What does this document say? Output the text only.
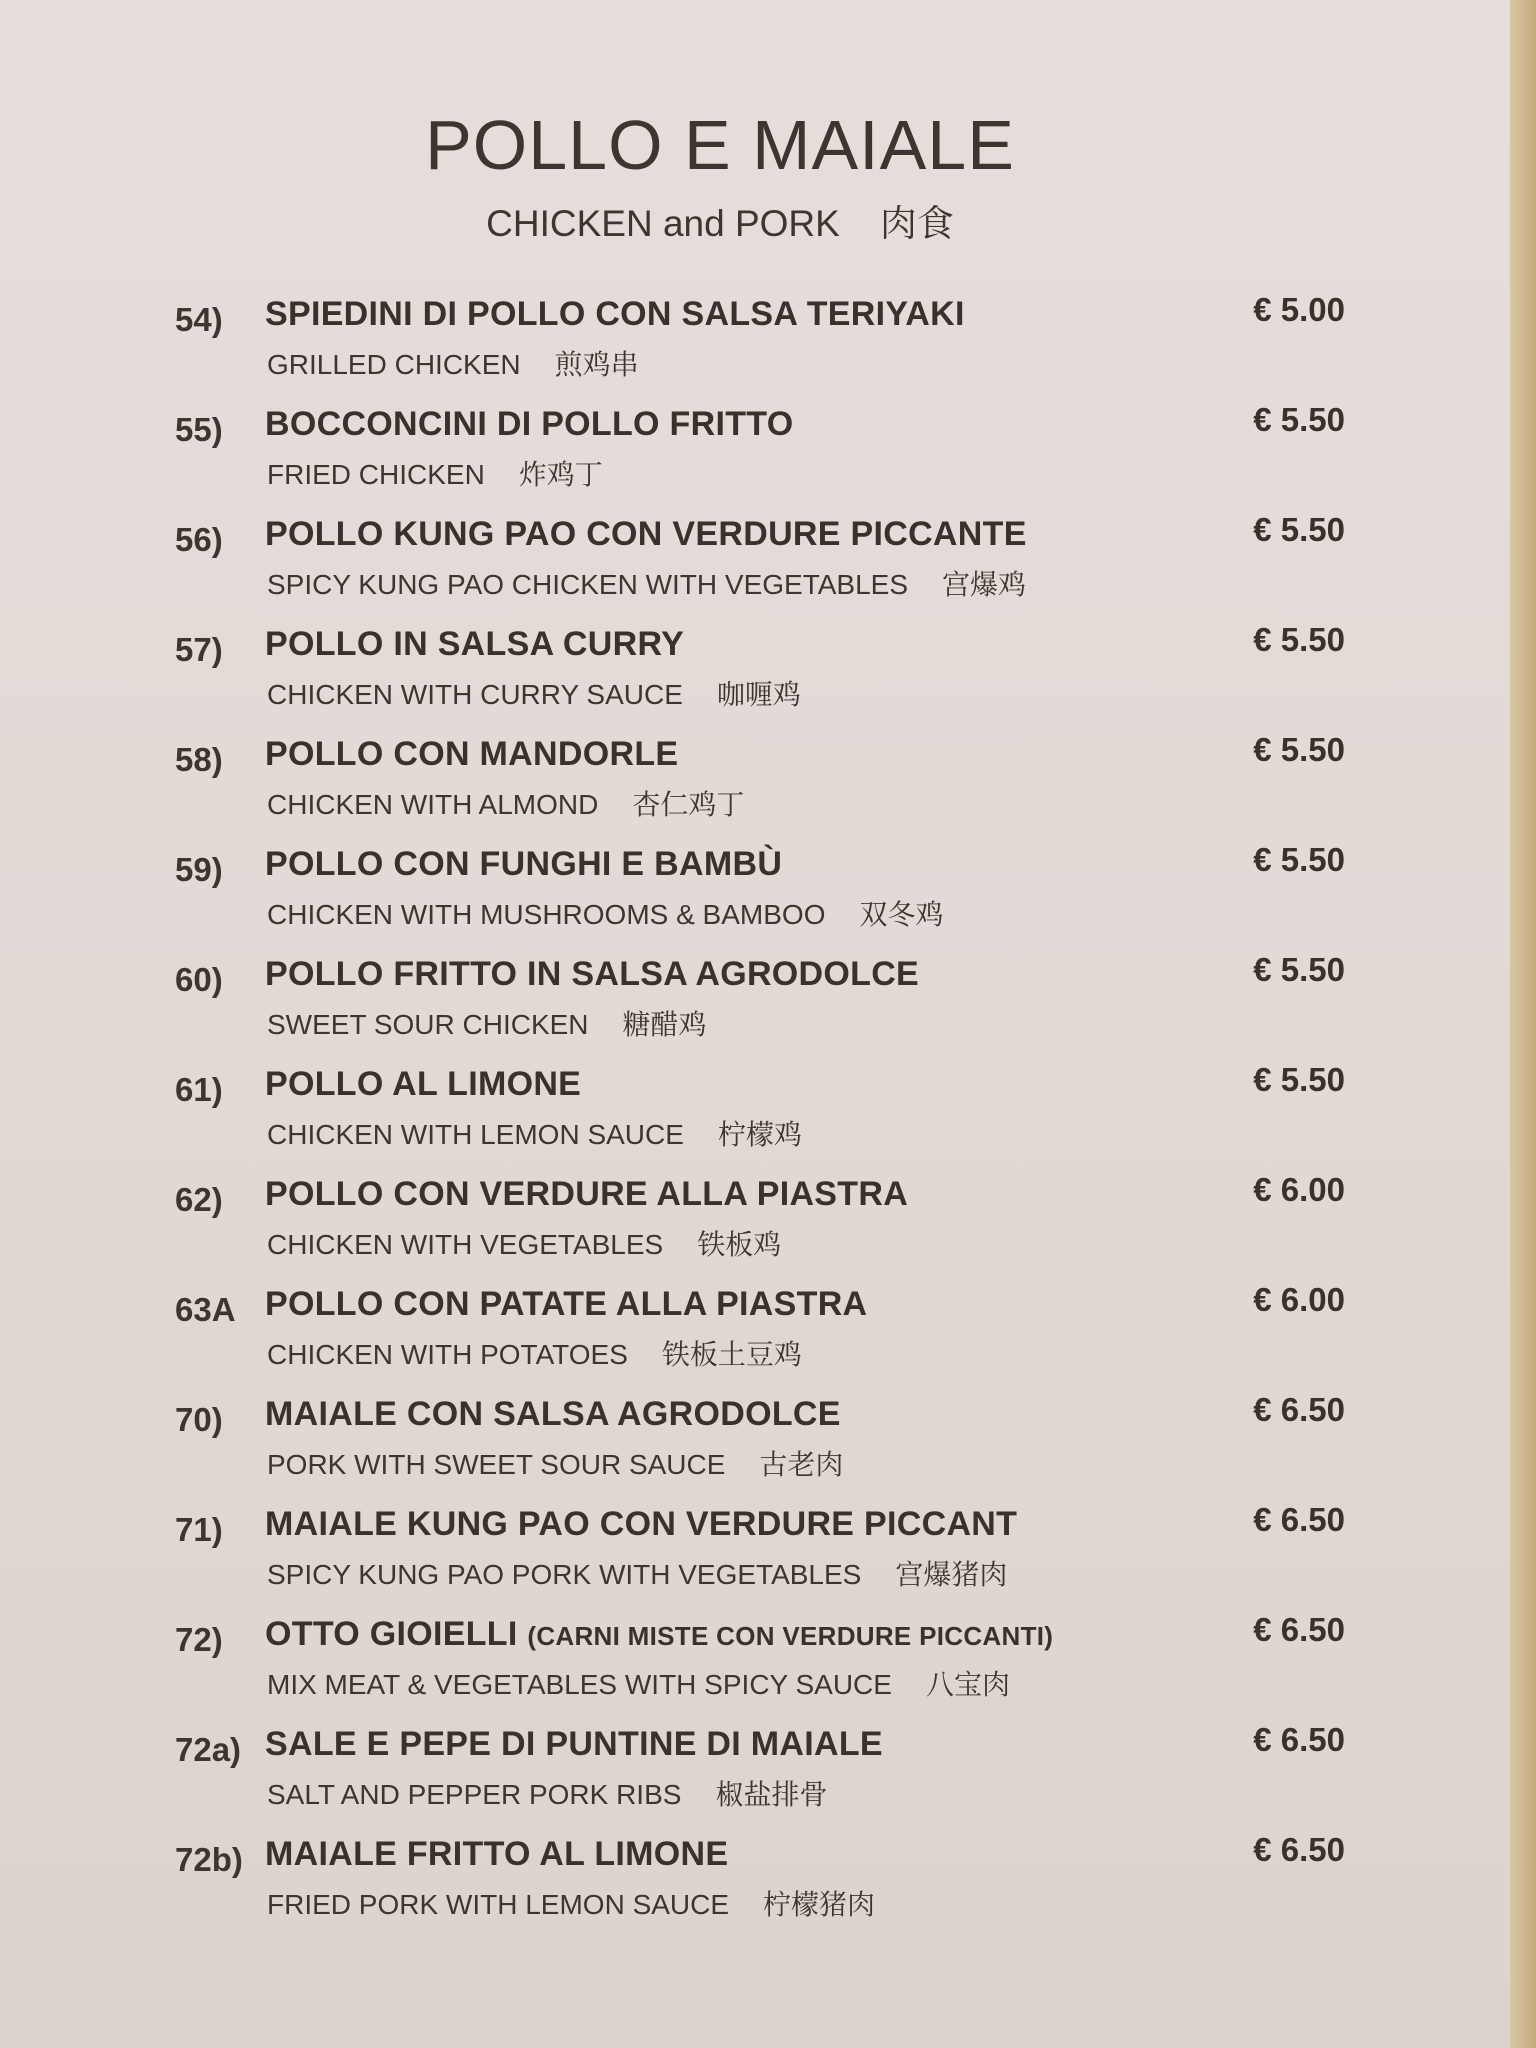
POLLO E MAIALE
CHICKEN and PORK 肉食
54) SPIEDINI DI POLLO CON SALSA TERIYAKI
GRILLED CHICKEN 煎鸡串
€ 5.00
55) BOCCONCINI DI POLLO FRITTO
FRIED CHICKEN 炸鸡丁
€ 5.50
56) POLLO KUNG PAO CON VERDURE PICCANTE
SPICY KUNG PAO CHICKEN WITH VEGETABLES 宫爆鸡
€ 5.50
57) POLLO IN SALSA CURRY
CHICKEN WITH CURRY SAUCE 咖喱鸡
€ 5.50
58) POLLO CON MANDORLE
CHICKEN WITH ALMOND 杏仁鸡丁
€ 5.50
59) POLLO CON FUNGHI E BAMBÙ
CHICKEN WITH MUSHROOMS & BAMBOO 双冬鸡
€ 5.50
60) POLLO FRITTO IN SALSA AGRODOLCE
SWEET SOUR CHICKEN 糖醋鸡
€ 5.50
61) POLLO AL LIMONE
CHICKEN WITH LEMON SAUCE 柠檬鸡
€ 5.50
62) POLLO CON VERDURE ALLA PIASTRA
CHICKEN WITH VEGETABLES 铁板鸡
€ 6.00
63A POLLO CON PATATE ALLA PIASTRA
CHICKEN WITH POTATOES 铁板土豆鸡
€ 6.00
70) MAIALE CON SALSA AGRODOLCE
PORK WITH SWEET SOUR SAUCE 古老肉
€ 6.50
71) MAIALE KUNG PAO CON VERDURE PICCANT
SPICY KUNG PAO PORK WITH VEGETABLES 宫爆猪肉
€ 6.50
72) OTTO GIOIELLI (CARNI MISTE CON VERDURE PICCANTI)
MIX MEAT & VEGETABLES WITH SPICY SAUCE 八宝肉
€ 6.50
72a) SALE E PEPE DI PUNTINE DI MAIALE
SALT AND PEPPER PORK RIBS 椒盐排骨
€ 6.50
72b) MAIALE FRITTO AL LIMONE
FRIED PORK WITH LEMON SAUCE 柠檬猪肉
€ 6.50
